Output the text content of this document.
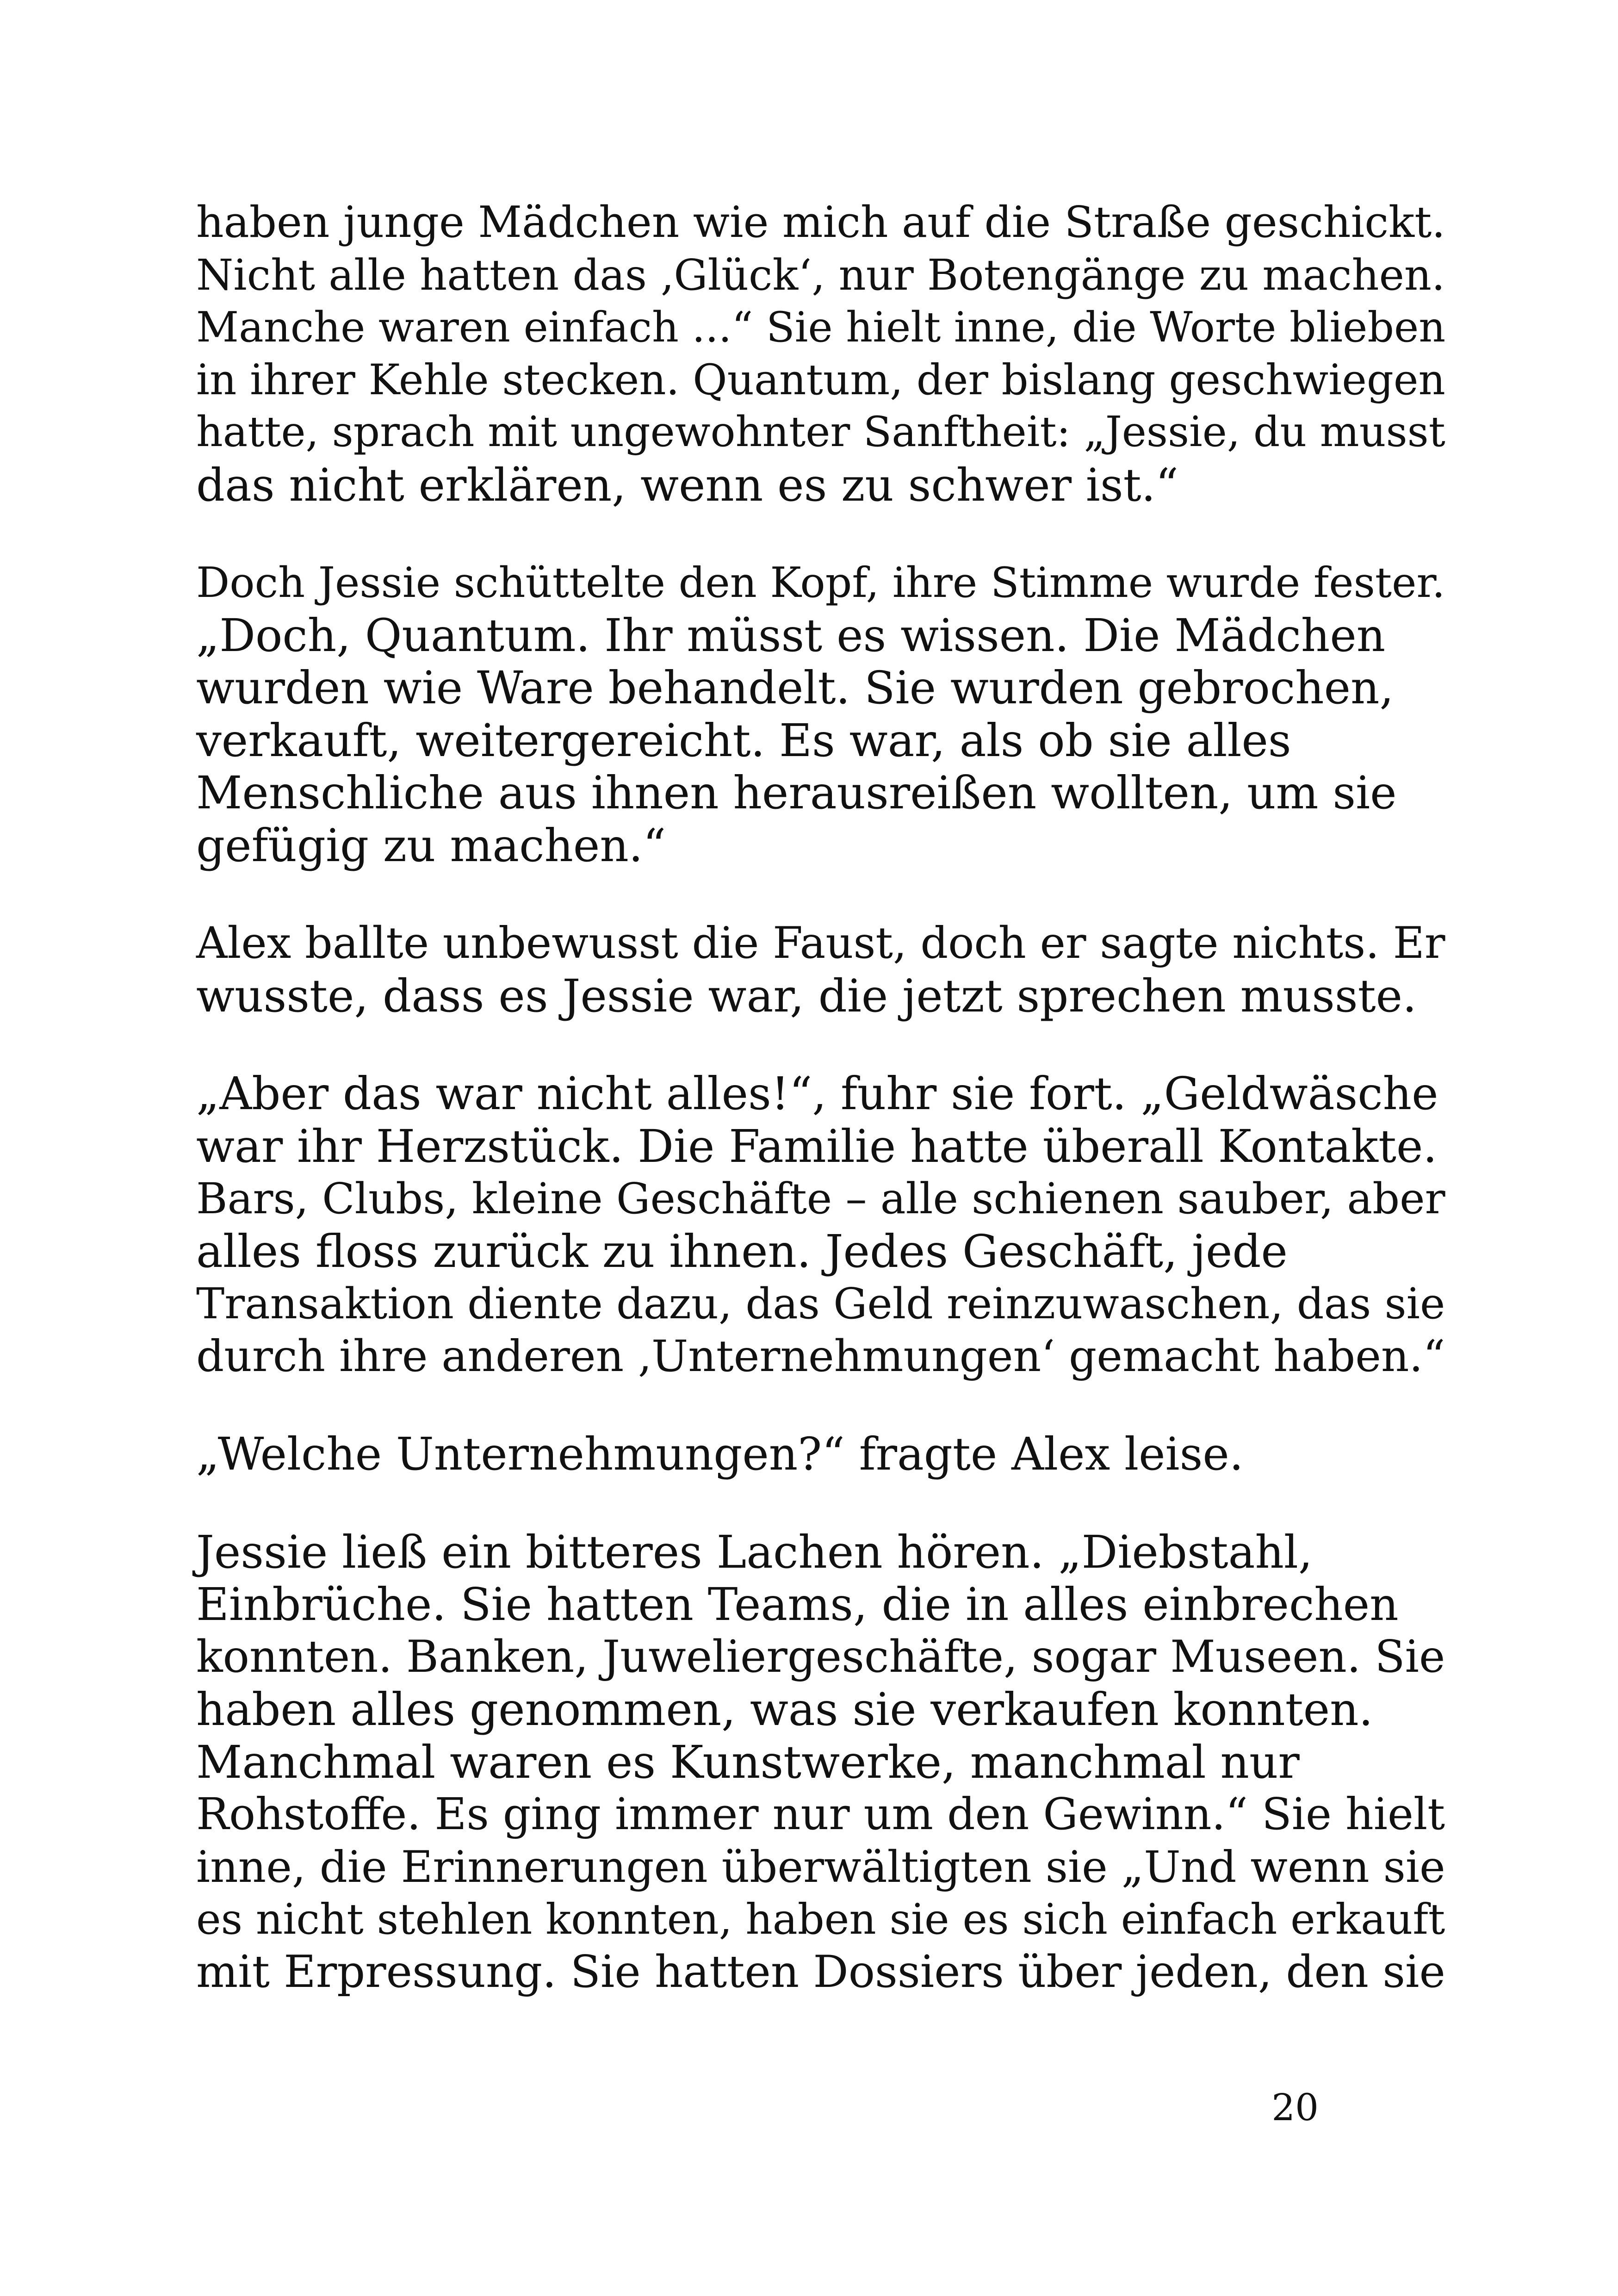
haben junge Mädchen wie mich auf die Straße geschickt.
Nicht alle hatten das ‚Glück‘, nur Botengänge zu machen.
Manche waren einfach ...“ Sie hielt inne, die Worte blieben
in ihrer Kehle stecken. Quantum, der bislang geschwiegen
hatte, sprach mit ungewohnter Sanftheit: „Jessie, du musst
das nicht erklären, wenn es zu schwer ist.“

Doch Jessie schüttelte den Kopf, ihre Stimme wurde fester.
„Doch, Quantum. Ihr müsst es wissen. Die Mädchen
wurden wie Ware behandelt. Sie wurden gebrochen,
verkauft, weitergereicht. Es war, als ob sie alles
Menschliche aus ihnen herausreißen wollten, um sie
gefügig zu machen.“

Alex ballte unbewusst die Faust, doch er sagte nichts. Er
wusste, dass es Jessie war, die jetzt sprechen musste.

„Aber das war nicht alles!“, fuhr sie fort. „Geldwäsche
war ihr Herzstück. Die Familie hatte überall Kontakte.
Bars, Clubs, kleine Geschäfte – alle schienen sauber, aber
alles floss zurück zu ihnen. Jedes Geschäft, jede
Transaktion diente dazu, das Geld reinzuwaschen, das sie
durch ihre anderen ‚Unternehmungen‘ gemacht haben.“

„Welche Unternehmungen?“ fragte Alex leise.

Jessie ließ ein bitteres Lachen hören. „Diebstahl,
Einbrüche. Sie hatten Teams, die in alles einbrechen
konnten. Banken, Juweliergeschäfte, sogar Museen. Sie
haben alles genommen, was sie verkaufen konnten.
Manchmal waren es Kunstwerke, manchmal nur
Rohstoffe. Es ging immer nur um den Gewinn.“ Sie hielt
inne, die Erinnerungen überwältigten sie „Und wenn sie
es nicht stehlen konnten, haben sie es sich einfach erkauft
mit Erpressung. Sie hatten Dossiers über jeden, den sie

20
